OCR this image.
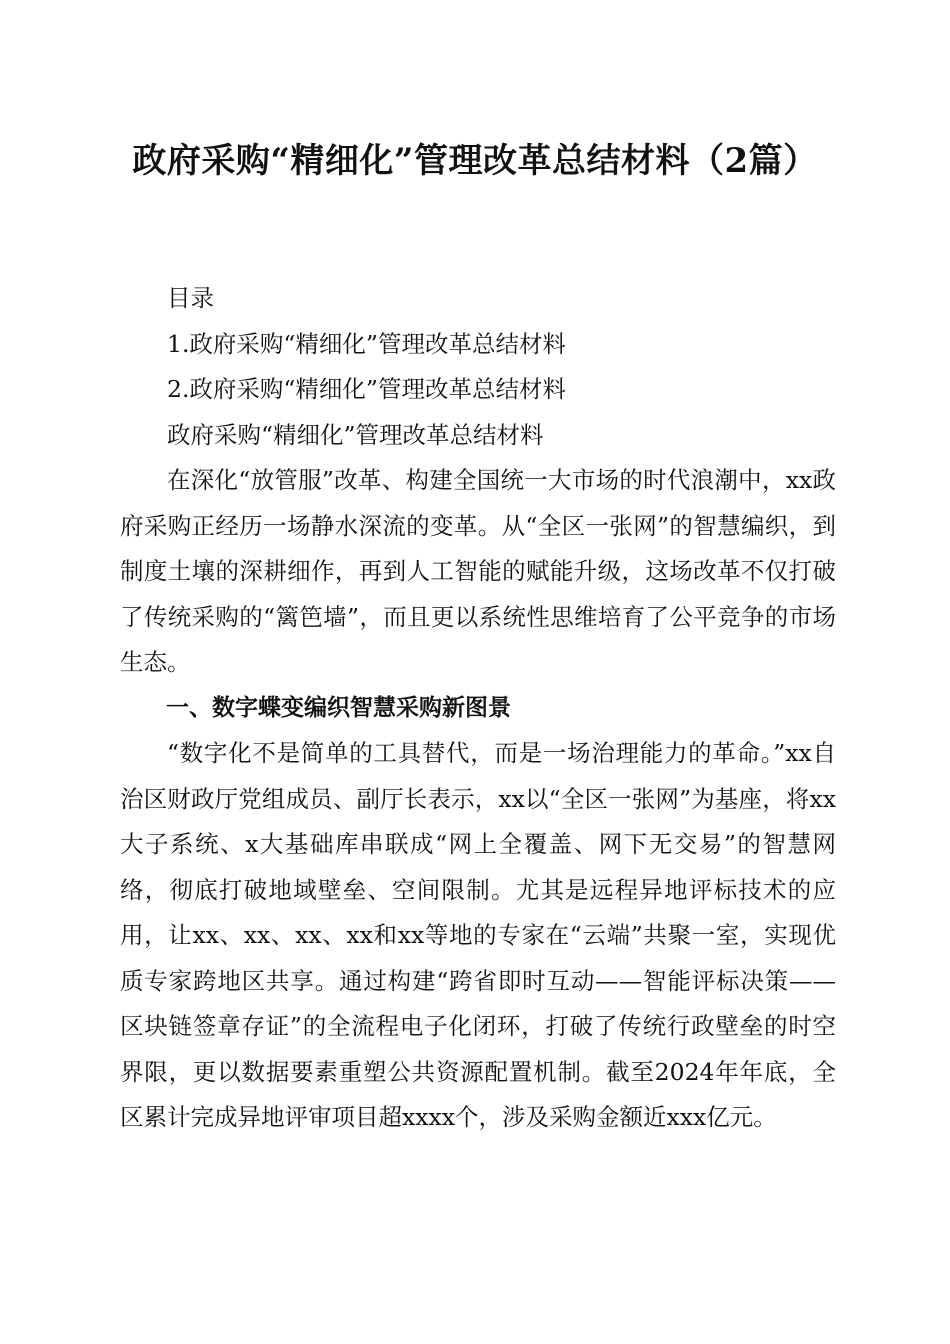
政府采购“精细化”管理改革总结材料（2篇）

目录

1.政府采购“精细化”管理改革总结材料

2.政府采购“精细化”管理改革总结材料

政府采购“精细化”管理改革总结材料

在深化“放管服”改革、构建全国统一大市场的时代浪潮中，xx政府采购正经历一场静水深流的变革。从“全区一张网”的智慧编织，到制度土壤的深耕细作，再到人工智能的赋能升级，这场改革不仅打破了传统采购的“篱笆墙”，而且更以系统性思维培育了公平竞争的市场生态。

一、数字蝶变编织智慧采购新图景

“数字化不是简单的工具替代，而是一场治理能力的革命。”xx自治区财政厅党组成员、副厅长表示，xx以“全区一张网”为基座，将xx大子系统、x大基础库串联成“网上全覆盖、网下无交易”的智慧网络，彻底打破地域壁垒、空间限制。尤其是远程异地评标技术的应用，让xx、xx、xx、xx和xx等地的专家在“云端”共聚一室，实现优质专家跨地区共享。通过构建“跨省即时互动——智能评标决策——区块链签章存证”的全流程电子化闭环，打破了传统行政壁垒的时空界限，更以数据要素重塑公共资源配置机制。截至2024年年底，全区累计完成异地评审项目超xxxx个，涉及采购金额近xxx亿元。
